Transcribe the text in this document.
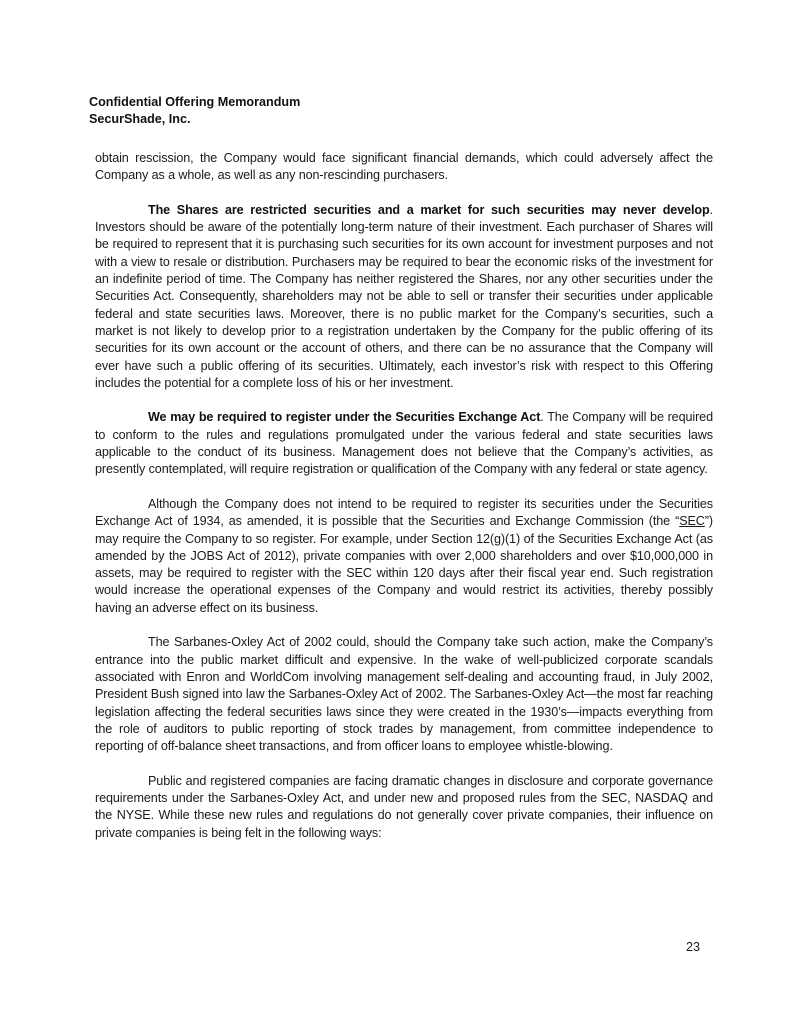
Confidential Offering Memorandum
SecurShade, Inc.

obtain rescission, the Company would face significant financial demands, which could adversely affect the Company as a whole, as well as any non-rescinding purchasers.

The Shares are restricted securities and a market for such securities may never develop. Investors should be aware of the potentially long-term nature of their investment. Each purchaser of Shares will be required to represent that it is purchasing such securities for its own account for investment purposes and not with a view to resale or distribution. Purchasers may be required to bear the economic risks of the investment for an indefinite period of time. The Company has neither registered the Shares, nor any other securities under the Securities Act. Consequently, shareholders may not be able to sell or transfer their securities under applicable federal and state securities laws. Moreover, there is no public market for the Company’s securities, such a market is not likely to develop prior to a registration undertaken by the Company for the public offering of its securities for its own account or the account of others, and there can be no assurance that the Company will ever have such a public offering of its securities. Ultimately, each investor’s risk with respect to this Offering includes the potential for a complete loss of his or her investment.

We may be required to register under the Securities Exchange Act. The Company will be required to conform to the rules and regulations promulgated under the various federal and state securities laws applicable to the conduct of its business. Management does not believe that the Company’s activities, as presently contemplated, will require registration or qualification of the Company with any federal or state agency.

Although the Company does not intend to be required to register its securities under the Securities Exchange Act of 1934, as amended, it is possible that the Securities and Exchange Commission (the “SEC”) may require the Company to so register. For example, under Section 12(g)(1) of the Securities Exchange Act (as amended by the JOBS Act of 2012), private companies with over 2,000 shareholders and over $10,000,000 in assets, may be required to register with the SEC within 120 days after their fiscal year end. Such registration would increase the operational expenses of the Company and would restrict its activities, thereby possibly having an adverse effect on its business.

The Sarbanes-Oxley Act of 2002 could, should the Company take such action, make the Company’s entrance into the public market difficult and expensive. In the wake of well-publicized corporate scandals associated with Enron and WorldCom involving management self-dealing and accounting fraud, in July 2002, President Bush signed into law the Sarbanes-Oxley Act of 2002. The Sarbanes-Oxley Act—the most far reaching legislation affecting the federal securities laws since they were created in the 1930’s—impacts everything from the role of auditors to public reporting of stock trades by management, from committee independence to reporting of off-balance sheet transactions, and from officer loans to employee whistle-blowing.

Public and registered companies are facing dramatic changes in disclosure and corporate governance requirements under the Sarbanes-Oxley Act, and under new and proposed rules from the SEC, NASDAQ and the NYSE. While these new rules and regulations do not generally cover private companies, their influence on private companies is being felt in the following ways:

23
